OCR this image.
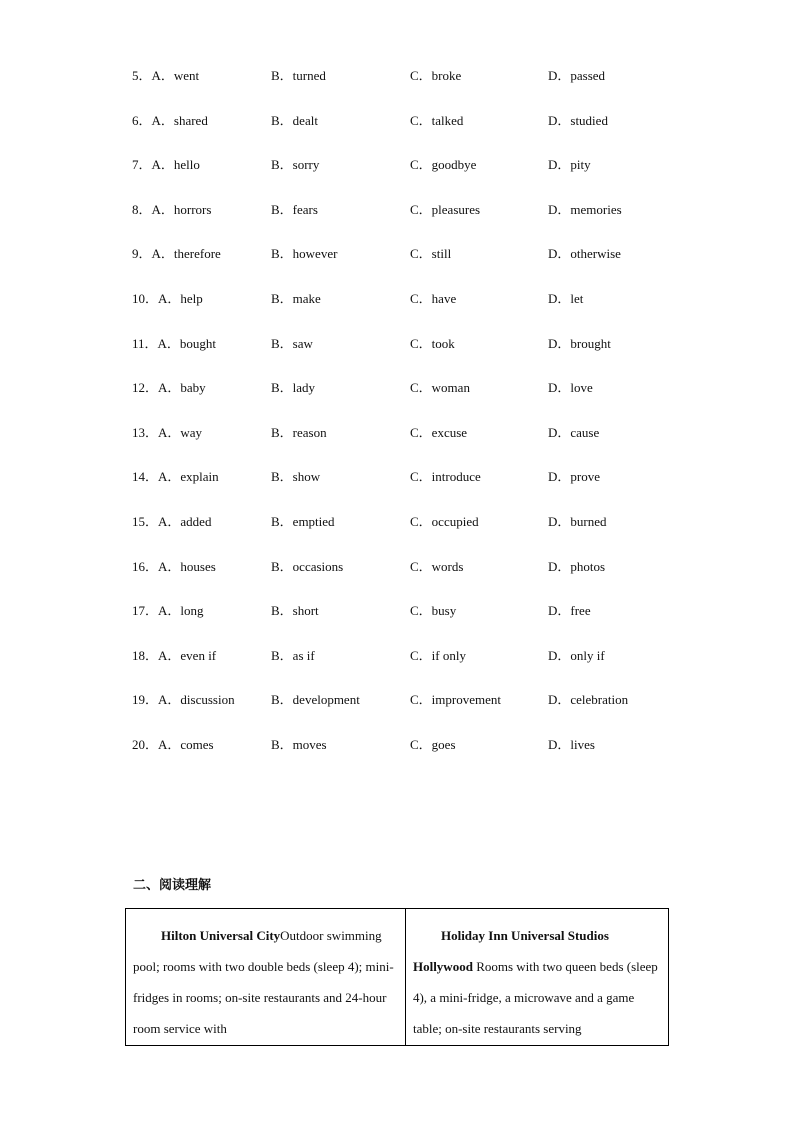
5．A．went	B．turned	C．broke	D．passed
6．A．shared	B．dealt	C．talked	D．studied
7．A．hello	B．sorry	C．goodbye	D．pity
8．A．horrors	B．fears	C．pleasures	D．memories
9．A．therefore	B．however	C．still	D．otherwise
10．A．help	B．make	C．have	D．let
11．A．bought	B．saw	C．took	D．brought
12．A．baby	B．lady	C．woman	D．love
13．A．way	B．reason	C．excuse	D．cause
14．A．explain	B．show	C．introduce	D．prove
15．A．added	B．emptied	C．occupied	D．burned
16．A．houses	B．occasions	C．words	D．photos
17．A．long	B．short	C．busy	D．free
18．A．even if	B．as if	C．if only	D．only if
19．A．discussion	B．development	C．improvement	D．celebration
20．A．comes	B．moves	C．goes	D．lives
二、阅读理解

Hilton Universal CityOutdoor swimming pool; rooms with two double beds (sleep 4); mini-fridges in rooms; on-site restaurants and 24-hour room service with

Holiday Inn Universal Studios Hollywood Rooms with two queen beds (sleep 4), a mini-fridge, a microwave and a game table; on-site restaurants serving
